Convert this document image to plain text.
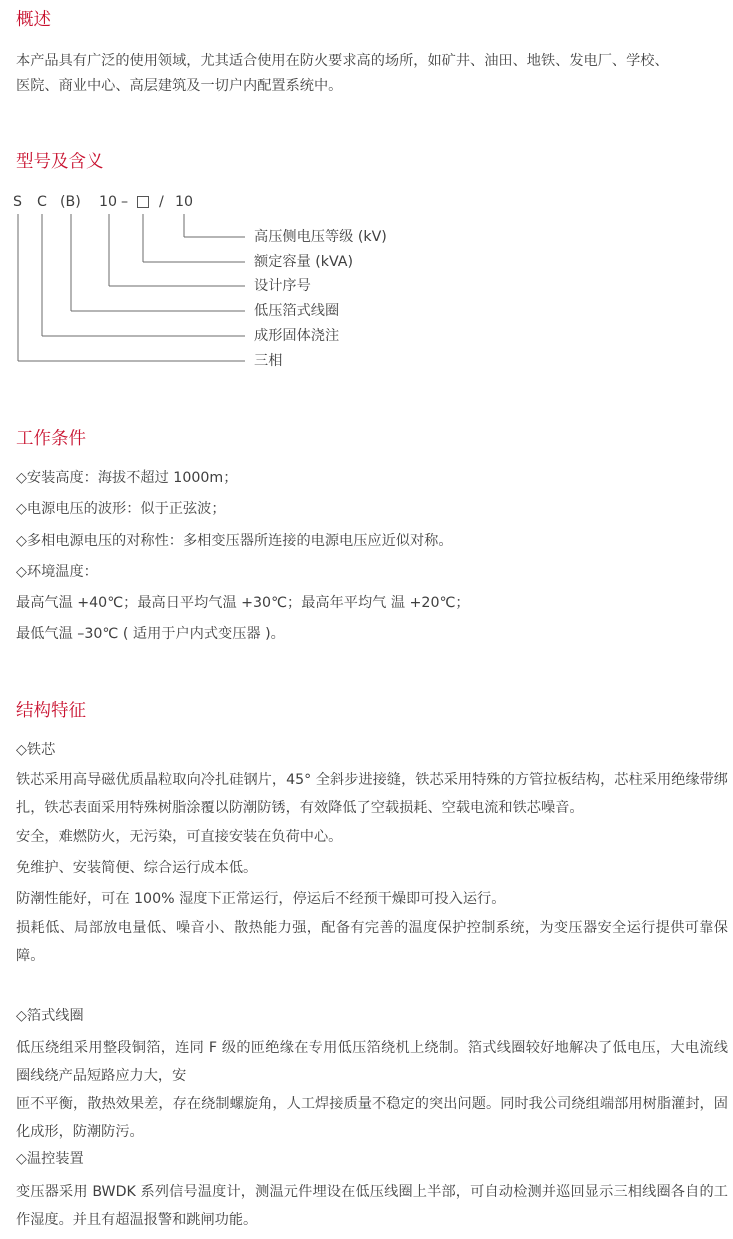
概述

本产品具有广泛的使用领域，尤其适合使用在防火要求高的场所，如矿井、油田、地铁、发电厂、学校、

医院、商业中心、高层建筑及一切户内配置系统中。

型号及含义
S C (B) 10 – / 10
高压侧电压等级 (kV)
额定容量 (kVA)
设计序号
低压箔式线圈
成形固体浇注
三相
工作条件

◇安装高度：海拔不超过 1000m；

◇电源电压的波形：似于正弦波；

◇多相电源电压的对称性：多相变压器所连接的电源电压应近似对称。

◇环境温度：

最高气温 +40℃；最高日平均气温 +30℃；最高年平均气 温 +20℃；

最低气温 –30℃ ( 适用于户内式变压器 )。

结构特征

◇铁芯

铁芯采用高导磁优质晶粒取向冷扎硅钢片，45° 全斜步进接缝，铁芯采用特殊的方管拉板结构，芯柱采用绝缘带绑扎，铁芯表面采用特殊树脂涂覆以防潮防锈，有效降低了空载损耗、空载电流和铁芯噪音。

安全，难燃防火，无污染，可直接安装在负荷中心。

免维护、安装简便、综合运行成本低。

防潮性能好，可在 100% 湿度下正常运行，停运后不经预干燥即可投入运行。

损耗低、局部放电量低、噪音小、散热能力强，配备有完善的温度保护控制系统，为变压器安全运行提供可靠保障。

◇箔式线圈

低压绕组采用整段铜箔，连同 F 级的匝绝缘在专用低压箔绕机上绕制。箔式线圈较好地解决了低电压，大电流线圈线绕产品短路应力大，安

匝不平衡，散热效果差，存在绕制螺旋角，人工焊接质量不稳定的突出问题。同时我公司绕组端部用树脂灌封，固化成形，防潮防污。

◇温控装置

变压器采用 BWDK 系列信号温度计，测温元件埋设在低压线圈上半部，可自动检测并巡回显示三相线圈各自的工作湿度。并且有超温报警和跳闸功能。
